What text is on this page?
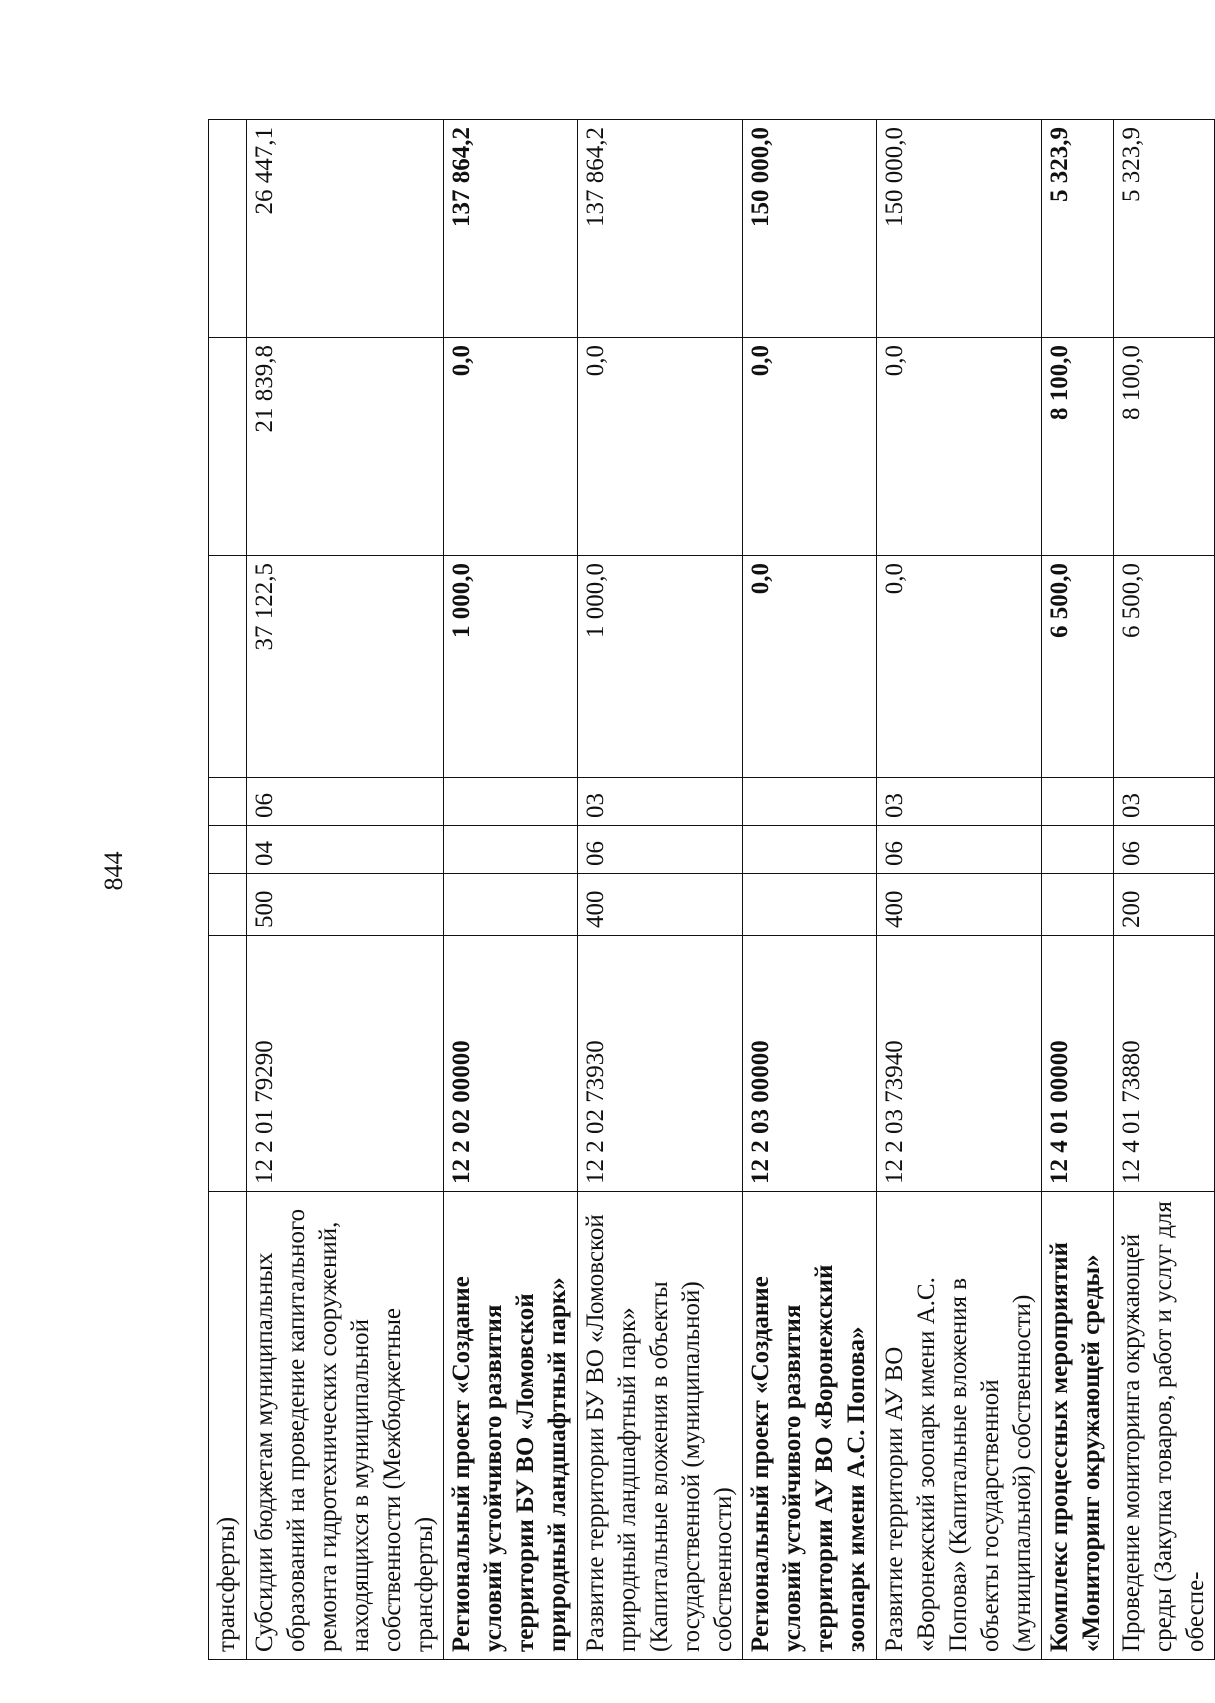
844
трансферты)							
Субсидии бюджетам муниципальных образований на проведение капитального ремонта гидротехнических сооружений, находящихся в муниципальной собственности (Межбюджетные трансферты)	12 2 01 79290	500	04	06	37 122,5	21 839,8	26 447,1
Региональный проект «Создание условий устойчивого развития территории БУ ВО «Ломовской природный ландшафтный парк»	12 2 02 00000				1 000,0	0,0	137 864,2
Развитие территории БУ ВО «Ломовской природный ландшафтный парк» (Капитальные вложения в объекты государственной (муниципальной) собственности)	12 2 02 73930	400	06	03	1 000,0	0,0	137 864,2
Региональный проект «Создание условий устойчивого развития территории АУ ВО «Воронежский зоопарк имени А.С. Попова»	12 2 03 00000				0,0	0,0	150 000,0
Развитие территории АУ ВО «Воронежский зоопарк имени А.С. Попова» (Капитальные вложения в объекты государственной (муниципальной) собственности)	12 2 03 73940	400	06	03	0,0	0,0	150 000,0
Комплекс процессных мероприятий «Мониторинг окружающей среды»	12 4 01 00000				6 500,0	8 100,0	5 323,9
Проведение мониторинга окружающей среды (Закупка товаров, работ и услуг для обеспе-	12 4 01 73880	200	06	03	6 500,0	8 100,0	5 323,9
